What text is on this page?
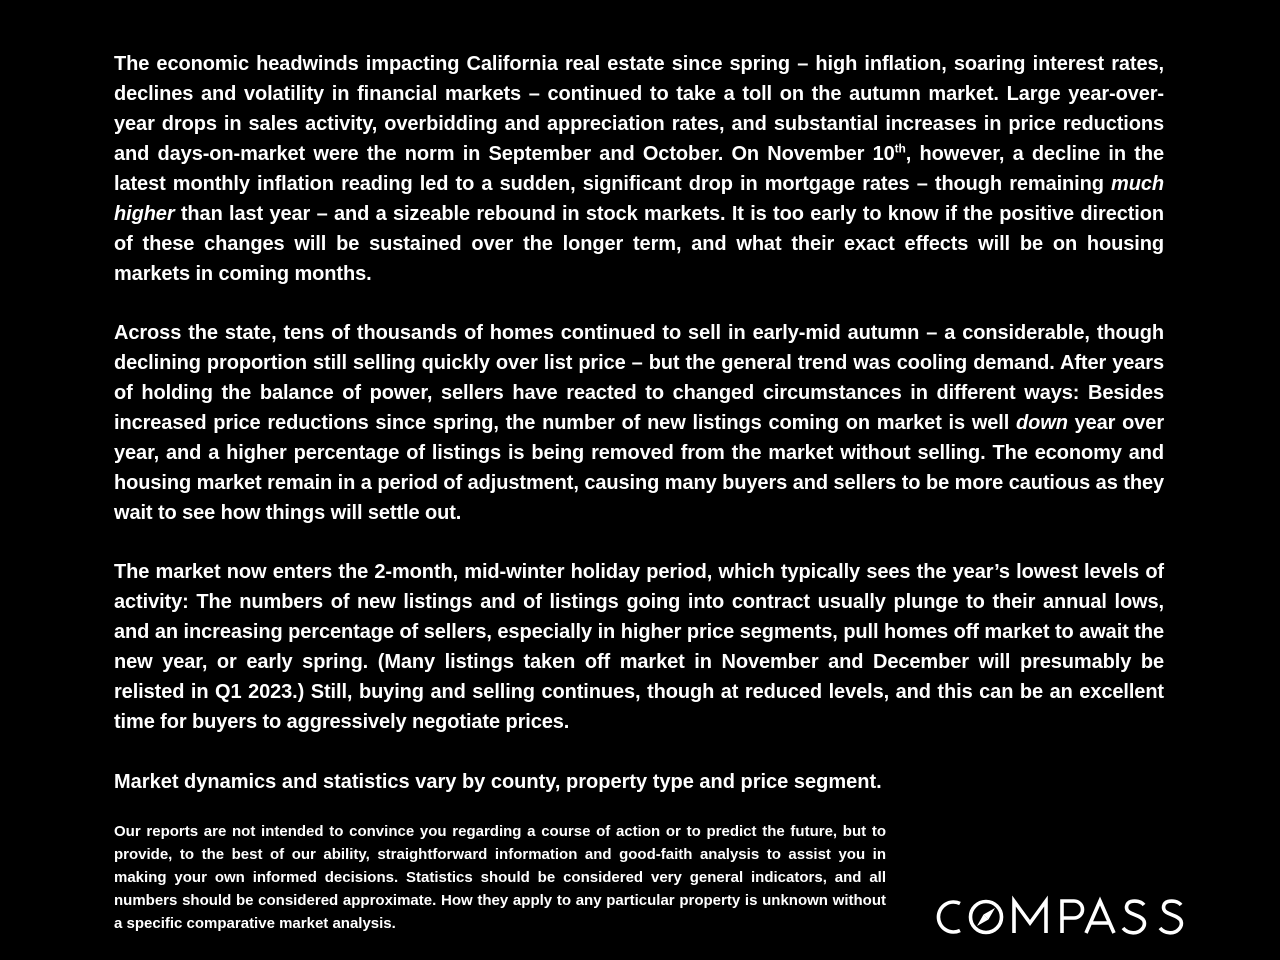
The economic headwinds impacting California real estate since spring – high inflation, soaring interest rates, declines and volatility in financial markets – continued to take a toll on the autumn market. Large year-over-year drops in sales activity, overbidding and appreciation rates, and substantial increases in price reductions and days-on-market were the norm in September and October. On November 10th, however, a decline in the latest monthly inflation reading led to a sudden, significant drop in mortgage rates – though remaining much higher than last year – and a sizeable rebound in stock markets. It is too early to know if the positive direction of these changes will be sustained over the longer term, and what their exact effects will be on housing markets in coming months.

Across the state, tens of thousands of homes continued to sell in early-mid autumn – a considerable, though declining proportion still selling quickly over list price – but the general trend was cooling demand. After years of holding the balance of power, sellers have reacted to changed circumstances in different ways: Besides increased price reductions since spring, the number of new listings coming on market is well down year over year, and a higher percentage of listings is being removed from the market without selling. The economy and housing market remain in a period of adjustment, causing many buyers and sellers to be more cautious as they wait to see how things will settle out.

The market now enters the 2-month, mid-winter holiday period, which typically sees the year’s lowest levels of activity: The numbers of new listings and of listings going into contract usually plunge to their annual lows, and an increasing percentage of sellers, especially in higher price segments, pull homes off market to await the new year, or early spring. (Many listings taken off market in November and December will presumably be relisted in Q1 2023.) Still, buying and selling continues, though at reduced levels, and this can be an excellent time for buyers to aggressively negotiate prices.

Market dynamics and statistics vary by county, property type and price segment.

Our reports are not intended to convince you regarding a course of action or to predict the future, but to provide, to the best of our ability, straightforward information and good-faith analysis to assist you in making your own informed decisions. Statistics should be considered very general indicators, and all numbers should be considered approximate. How they apply to any particular property is unknown without a specific comparative market analysis.
